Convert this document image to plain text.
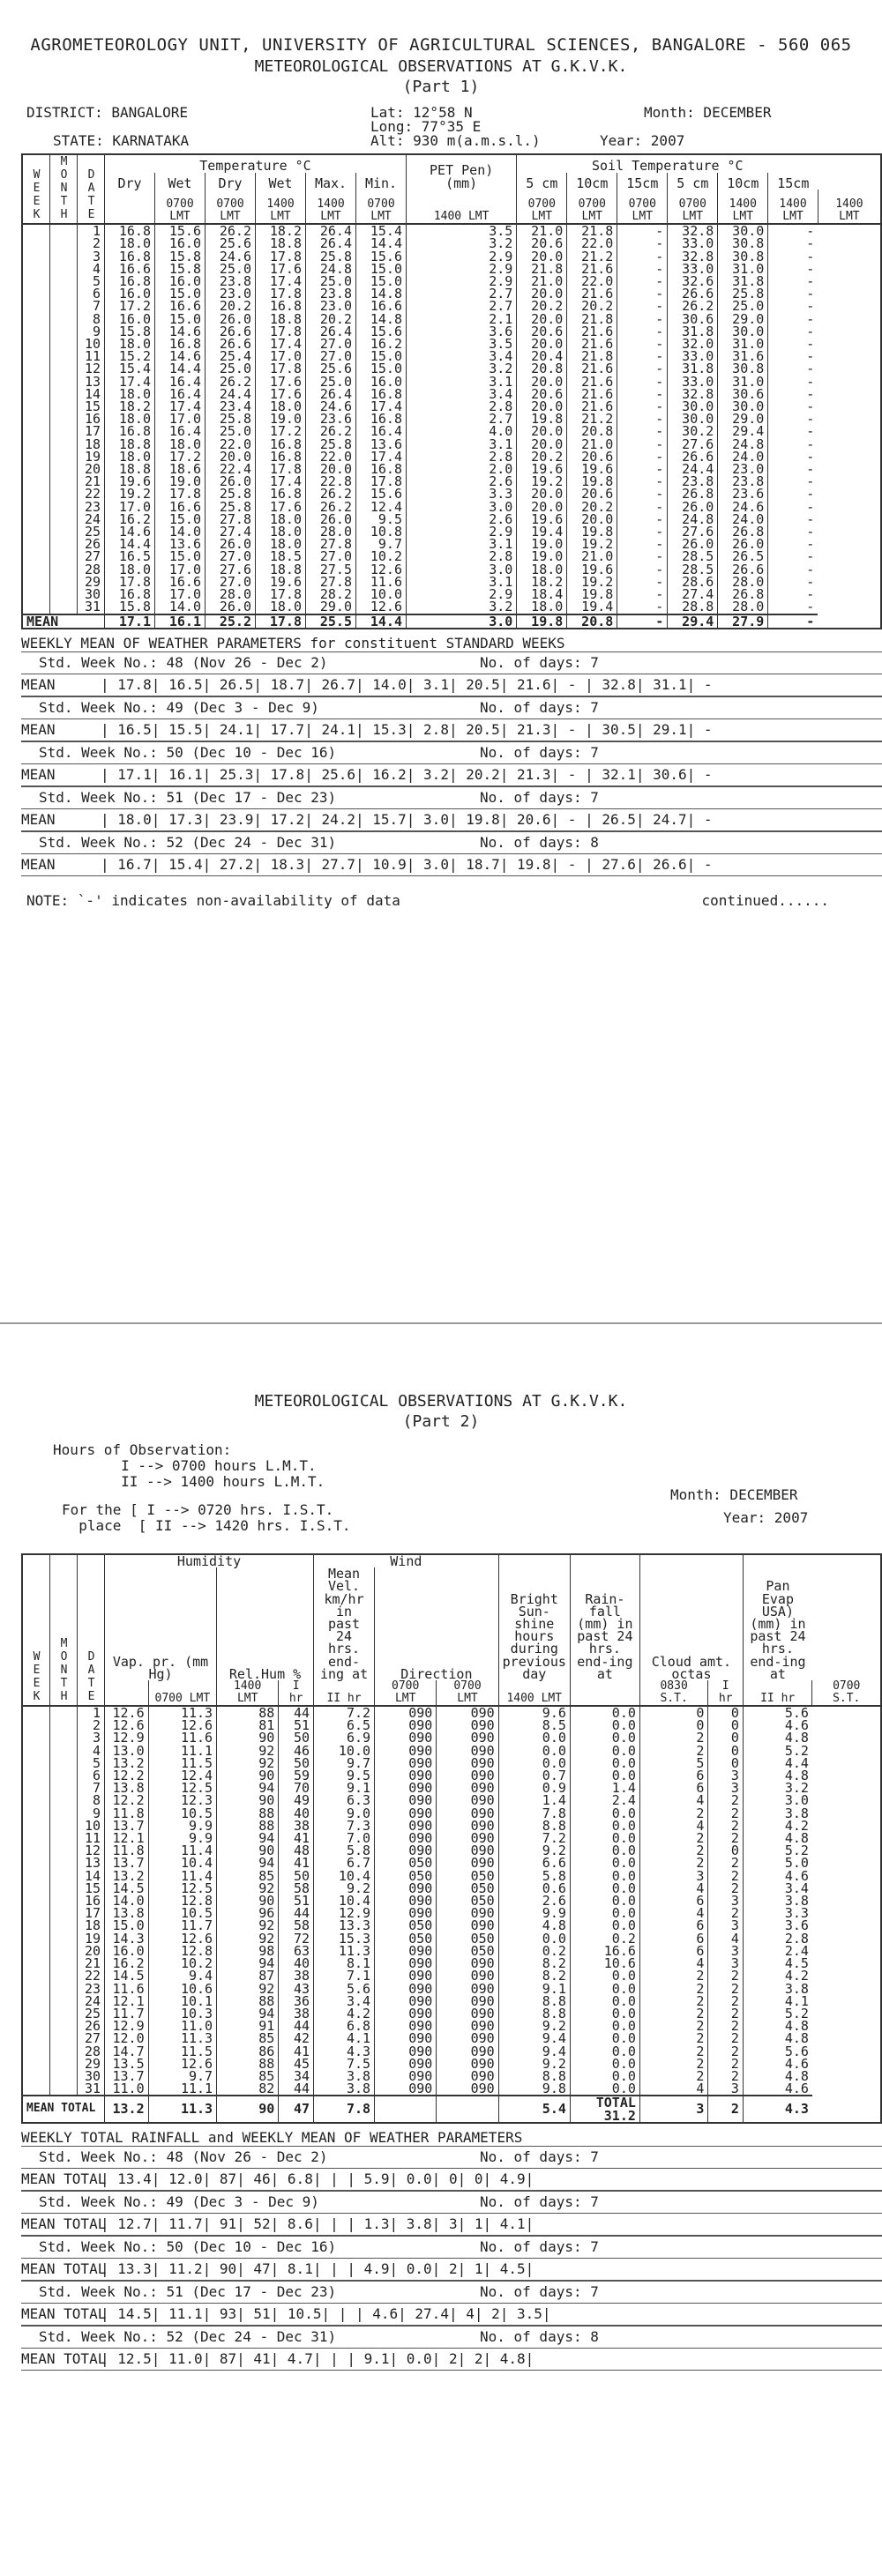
AGROMETEOROLOGY UNIT, UNIVERSITY OF AGRICULTURAL SCIENCES, BANGALORE - 560 065
METEOROLOGICAL OBSERVATIONS AT G.K.V.K.
(Part 1)
DISTRICT: BANGALORE
STATE: KARNATAKA
Lat: 12°58 N
Long: 77°35 E
Alt: 930 m(a.m.s.l.)
Month: DECEMBER
Year: 2007
WEEK	MONTH	DATE	Temperature °C						PET Pen) (mm)	Soil Temperature °C						
			Dry	Wet	Dry	Wet	Max.	Min.		5 cm	10cm	15cm	5 cm	10cm	15cm	
				0700 LMT	0700 LMT	1400 LMT	1400 LMT	0700 LMT	1400 LMT	0700 LMT	0700 LMT	0700 LMT	0700 LMT	1400 LMT	1400 LMT	1400 LMT
		1	16.8	15.6	26.2	18.2	26.4	15.4	3.5	21.0	21.8	-	32.8	30.0	-	
		2	18.0	16.0	25.6	18.8	26.4	14.4	3.2	20.6	22.0	-	33.0	30.8	-	
		3	16.8	15.8	24.6	17.8	25.8	15.6	2.9	20.0	21.2	-	32.8	30.8	-	
		4	16.6	15.8	25.0	17.6	24.8	15.0	2.9	21.8	21.6	-	33.0	31.0	-	
		5	16.8	16.0	23.8	17.4	25.0	15.0	2.9	21.0	22.0	-	32.6	31.8	-	
		6	16.0	15.0	23.0	17.8	23.8	14.8	2.7	20.0	21.6	-	26.6	25.8	-	
		7	17.2	16.6	20.2	16.8	23.0	16.6	2.7	20.2	20.2	-	26.2	25.0	-	
		8	16.0	15.0	26.0	18.8	20.2	14.8	2.1	20.0	21.8	-	30.6	29.0	-	
		9	15.8	14.6	26.6	17.8	26.4	15.6	3.6	20.6	21.6	-	31.8	30.0	-	
		10	18.0	16.8	26.6	17.4	27.0	16.2	3.5	20.0	21.6	-	32.0	31.0	-	
		11	15.2	14.6	25.4	17.0	27.0	15.0	3.4	20.4	21.8	-	33.0	31.6	-	
		12	15.4	14.4	25.0	17.8	25.6	15.0	3.2	20.8	21.6	-	31.8	30.8	-	
		13	17.4	16.4	26.2	17.6	25.0	16.0	3.1	20.0	21.6	-	33.0	31.0	-	
		14	18.0	16.4	24.4	17.6	26.4	16.8	3.4	20.6	21.6	-	32.8	30.6	-	
		15	18.2	17.4	23.4	18.0	24.6	17.4	2.8	20.0	21.6	-	30.0	30.0	-	
		16	18.0	17.0	25.8	19.0	23.6	16.8	2.7	19.8	21.2	-	30.0	29.0	-	
		17	16.8	16.4	25.0	17.2	26.2	16.4	4.0	20.0	20.8	-	30.2	29.4	-	
		18	18.8	18.0	22.0	16.8	25.8	13.6	3.1	20.0	21.0	-	27.6	24.8	-	
		19	18.0	17.2	20.0	16.8	22.0	17.4	2.8	20.2	20.6	-	26.6	24.0	-	
		20	18.8	18.6	22.4	17.8	20.0	16.8	2.0	19.6	19.6	-	24.4	23.0	-	
		21	19.6	19.0	26.0	17.4	22.8	17.8	2.6	19.2	19.8	-	23.8	23.8	-	
		22	19.2	17.8	25.8	16.8	26.2	15.6	3.3	20.0	20.6	-	26.8	23.6	-	
		23	17.0	16.6	25.8	17.6	26.2	12.4	3.0	20.0	20.2	-	26.0	24.6	-	
		24	16.2	15.0	27.8	18.0	26.0	9.5	2.6	19.6	20.0	-	24.8	24.0	-	
		25	14.6	14.0	27.4	18.0	28.0	10.8	2.9	19.4	19.8	-	27.6	26.8	-	
		26	14.4	13.6	26.0	18.0	27.8	9.7	3.1	19.0	19.2	-	26.0	26.0	-	
		27	16.5	15.0	27.0	18.5	27.0	10.2	2.8	19.0	21.0	-	28.5	26.5	-	
		28	18.0	17.0	27.6	18.8	27.5	12.6	3.0	18.0	19.6	-	28.5	26.6	-	
		29	17.8	16.6	27.0	19.6	27.8	11.6	3.1	18.2	19.2	-	28.6	28.0	-	
		30	16.8	17.0	28.0	17.8	28.2	10.0	2.9	18.4	19.8	-	27.4	26.8	-	
		31	15.8	14.0	26.0	18.0	29.0	12.6	3.2	18.0	19.4	-	28.8	28.0	-	
MEAN			17.1	16.1	25.2	17.8	25.5	14.4	3.0	19.8	20.8	-	29.4	27.9	-	
WEEKLY MEAN OF WEATHER PARAMETERS for constituent STANDARD WEEKS
Std. Week No.: 48 (Nov 26 - Dec 2)	No. of days: 7
MEAN	| 17.8| 16.5| 26.5| 18.7| 26.7| 14.0| 3.1| 20.5| 21.6| - | 32.8| 31.1| -
Std. Week No.: 49 (Dec 3 - Dec 9)	No. of days: 7
MEAN	| 16.5| 15.5| 24.1| 17.7| 24.1| 15.3| 2.8| 20.5| 21.3| - | 30.5| 29.1| -
Std. Week No.: 50 (Dec 10 - Dec 16)	No. of days: 7
MEAN	| 17.1| 16.1| 25.3| 17.8| 25.6| 16.2| 3.2| 20.2| 21.3| - | 32.1| 30.6| -
Std. Week No.: 51 (Dec 17 - Dec 23)	No. of days: 7
MEAN	| 18.0| 17.3| 23.9| 17.2| 24.2| 15.7| 3.0| 19.8| 20.6| - | 26.5| 24.7| -
Std. Week No.: 52 (Dec 24 - Dec 31)	No. of days: 8
MEAN	| 16.7| 15.4| 27.2| 18.3| 27.7| 10.9| 3.0| 18.7| 19.8| - | 27.6| 26.6| -
NOTE: `-' indicates non-availability of data	continued......
METEOROLOGICAL OBSERVATIONS AT G.K.V.K.
(Part 2)
Hours of Observation:
I --> 0700 hours L.M.T.
II --> 1400 hours L.M.T.
For the [ I --> 0720 hrs. I.S.T.
place  [ II --> 1420 hrs. I.S.T.
Month: DECEMBER
Year: 2007
WEEK	MONTH	DATE	Humidity				Wind			Bright Sun-shine hours during previous day	Rain-fall (mm) in past 24 hrs. end-ing at	Cloud amt. octas		Pan Evap USA) (mm) in past 24 hrs. end-ing at	
			Vap. pr. (mm Hg)		Rel.Hum %		Mean Vel. km/hr in past 24 hrs. end-ing at	Direction							
				0700 LMT	1400 LMT	I hr	II hr	0700 LMT	0700 LMT	1400 LMT		0830 S.T.	I hr	II hr	0700 S.T.
		1	12.6	11.3	88	44	7.2	090	090	9.6	0.0	0	0	5.6	
		2	12.6	12.6	81	51	6.5	090	090	8.5	0.0	0	0	4.6	
		3	12.9	11.6	90	50	6.9	090	090	0.0	0.0	2	0	4.8	
		4	13.0	11.1	92	46	10.0	090	090	0.0	0.0	2	0	5.2	
		5	13.2	11.5	92	50	9.7	090	090	0.0	0.0	5	0	4.4	
		6	12.2	12.4	90	59	9.5	090	090	0.7	0.0	6	3	4.8	
		7	13.8	12.5	94	70	9.1	090	090	0.9	1.4	6	3	3.2	
		8	12.2	12.3	90	49	6.3	090	090	1.4	2.4	4	2	3.0	
		9	11.8	10.5	88	40	9.0	090	090	7.8	0.0	2	2	3.8	
		10	13.7	9.9	88	38	7.3	090	090	8.8	0.0	4	2	4.2	
		11	12.1	9.9	94	41	7.0	090	090	7.2	0.0	2	2	4.8	
		12	11.8	11.4	90	48	5.8	090	090	9.2	0.0	2	0	5.2	
		13	13.7	10.4	94	41	6.7	050	090	6.6	0.0	2	2	5.0	
		14	13.2	11.4	85	50	10.4	050	050	5.8	0.0	3	2	4.6	
		15	14.5	12.5	92	58	9.2	090	050	0.6	0.0	4	2	3.4	
		16	14.0	12.8	90	51	10.4	090	050	2.6	0.0	6	3	3.8	
		17	13.8	10.5	96	44	12.9	090	090	9.9	0.0	4	2	3.3	
		18	15.0	11.7	92	58	13.3	050	090	4.8	0.0	6	3	3.6	
		19	14.3	12.6	92	72	15.3	050	050	0.0	0.2	6	4	2.8	
		20	16.0	12.8	98	63	11.3	090	050	0.2	16.6	6	3	2.4	
		21	16.2	10.2	94	40	8.1	090	090	8.2	10.6	4	3	4.5	
		22	14.5	9.4	87	38	7.1	090	090	8.2	0.0	2	2	4.2	
		23	11.6	10.6	92	43	5.6	090	090	9.1	0.0	2	2	3.8	
		24	12.1	10.1	88	36	3.4	090	090	8.8	0.0	2	2	4.1	
		25	11.7	10.3	94	38	4.2	090	090	8.8	0.0	2	2	5.2	
		26	12.9	11.0	91	44	6.8	090	090	9.2	0.0	2	2	4.8	
		27	12.0	11.3	85	42	4.1	090	090	9.4	0.0	2	2	4.8	
		28	14.7	11.5	86	41	4.3	090	090	9.4	0.0	2	2	5.6	
		29	13.5	12.6	88	45	7.5	090	090	9.2	0.0	2	2	4.6	
		30	13.7	9.7	85	34	3.8	090	090	8.8	0.0	2	2	4.8	
		31	11.0	11.1	82	44	3.8	090	090	9.8	0.0	4	3	4.6	
MEAN TOTAL			13.2	11.3	90	47	7.8			5.4	TOTAL 31.2	3	2	4.3	
WEEKLY TOTAL RAINFALL and WEEKLY MEAN OF WEATHER PARAMETERS
Std. Week No.: 48 (Nov 26 - Dec 2)	No. of days: 7
MEAN TOTAL| 13.4| 12.0| 87| 46| 6.8| | | 5.9| 0.0| 0| 0| 4.9|
Std. Week No.: 49 (Dec 3 - Dec 9)	No. of days: 7
MEAN TOTAL| 12.7| 11.7| 91| 52| 8.6| | | 1.3| 3.8| 3| 1| 4.1|
Std. Week No.: 50 (Dec 10 - Dec 16)	No. of days: 7
MEAN TOTAL| 13.3| 11.2| 90| 47| 8.1| | | 4.9| 0.0| 2| 1| 4.5|
Std. Week No.: 51 (Dec 17 - Dec 23)	No. of days: 7
MEAN TOTAL| 14.5| 11.1| 93| 51| 10.5| | | 4.6| 27.4| 4| 2| 3.5|
Std. Week No.: 52 (Dec 24 - Dec 31)	No. of days: 8
MEAN TOTAL| 12.5| 11.0| 87| 41| 4.7| | | 9.1| 0.0| 2| 2| 4.8|
